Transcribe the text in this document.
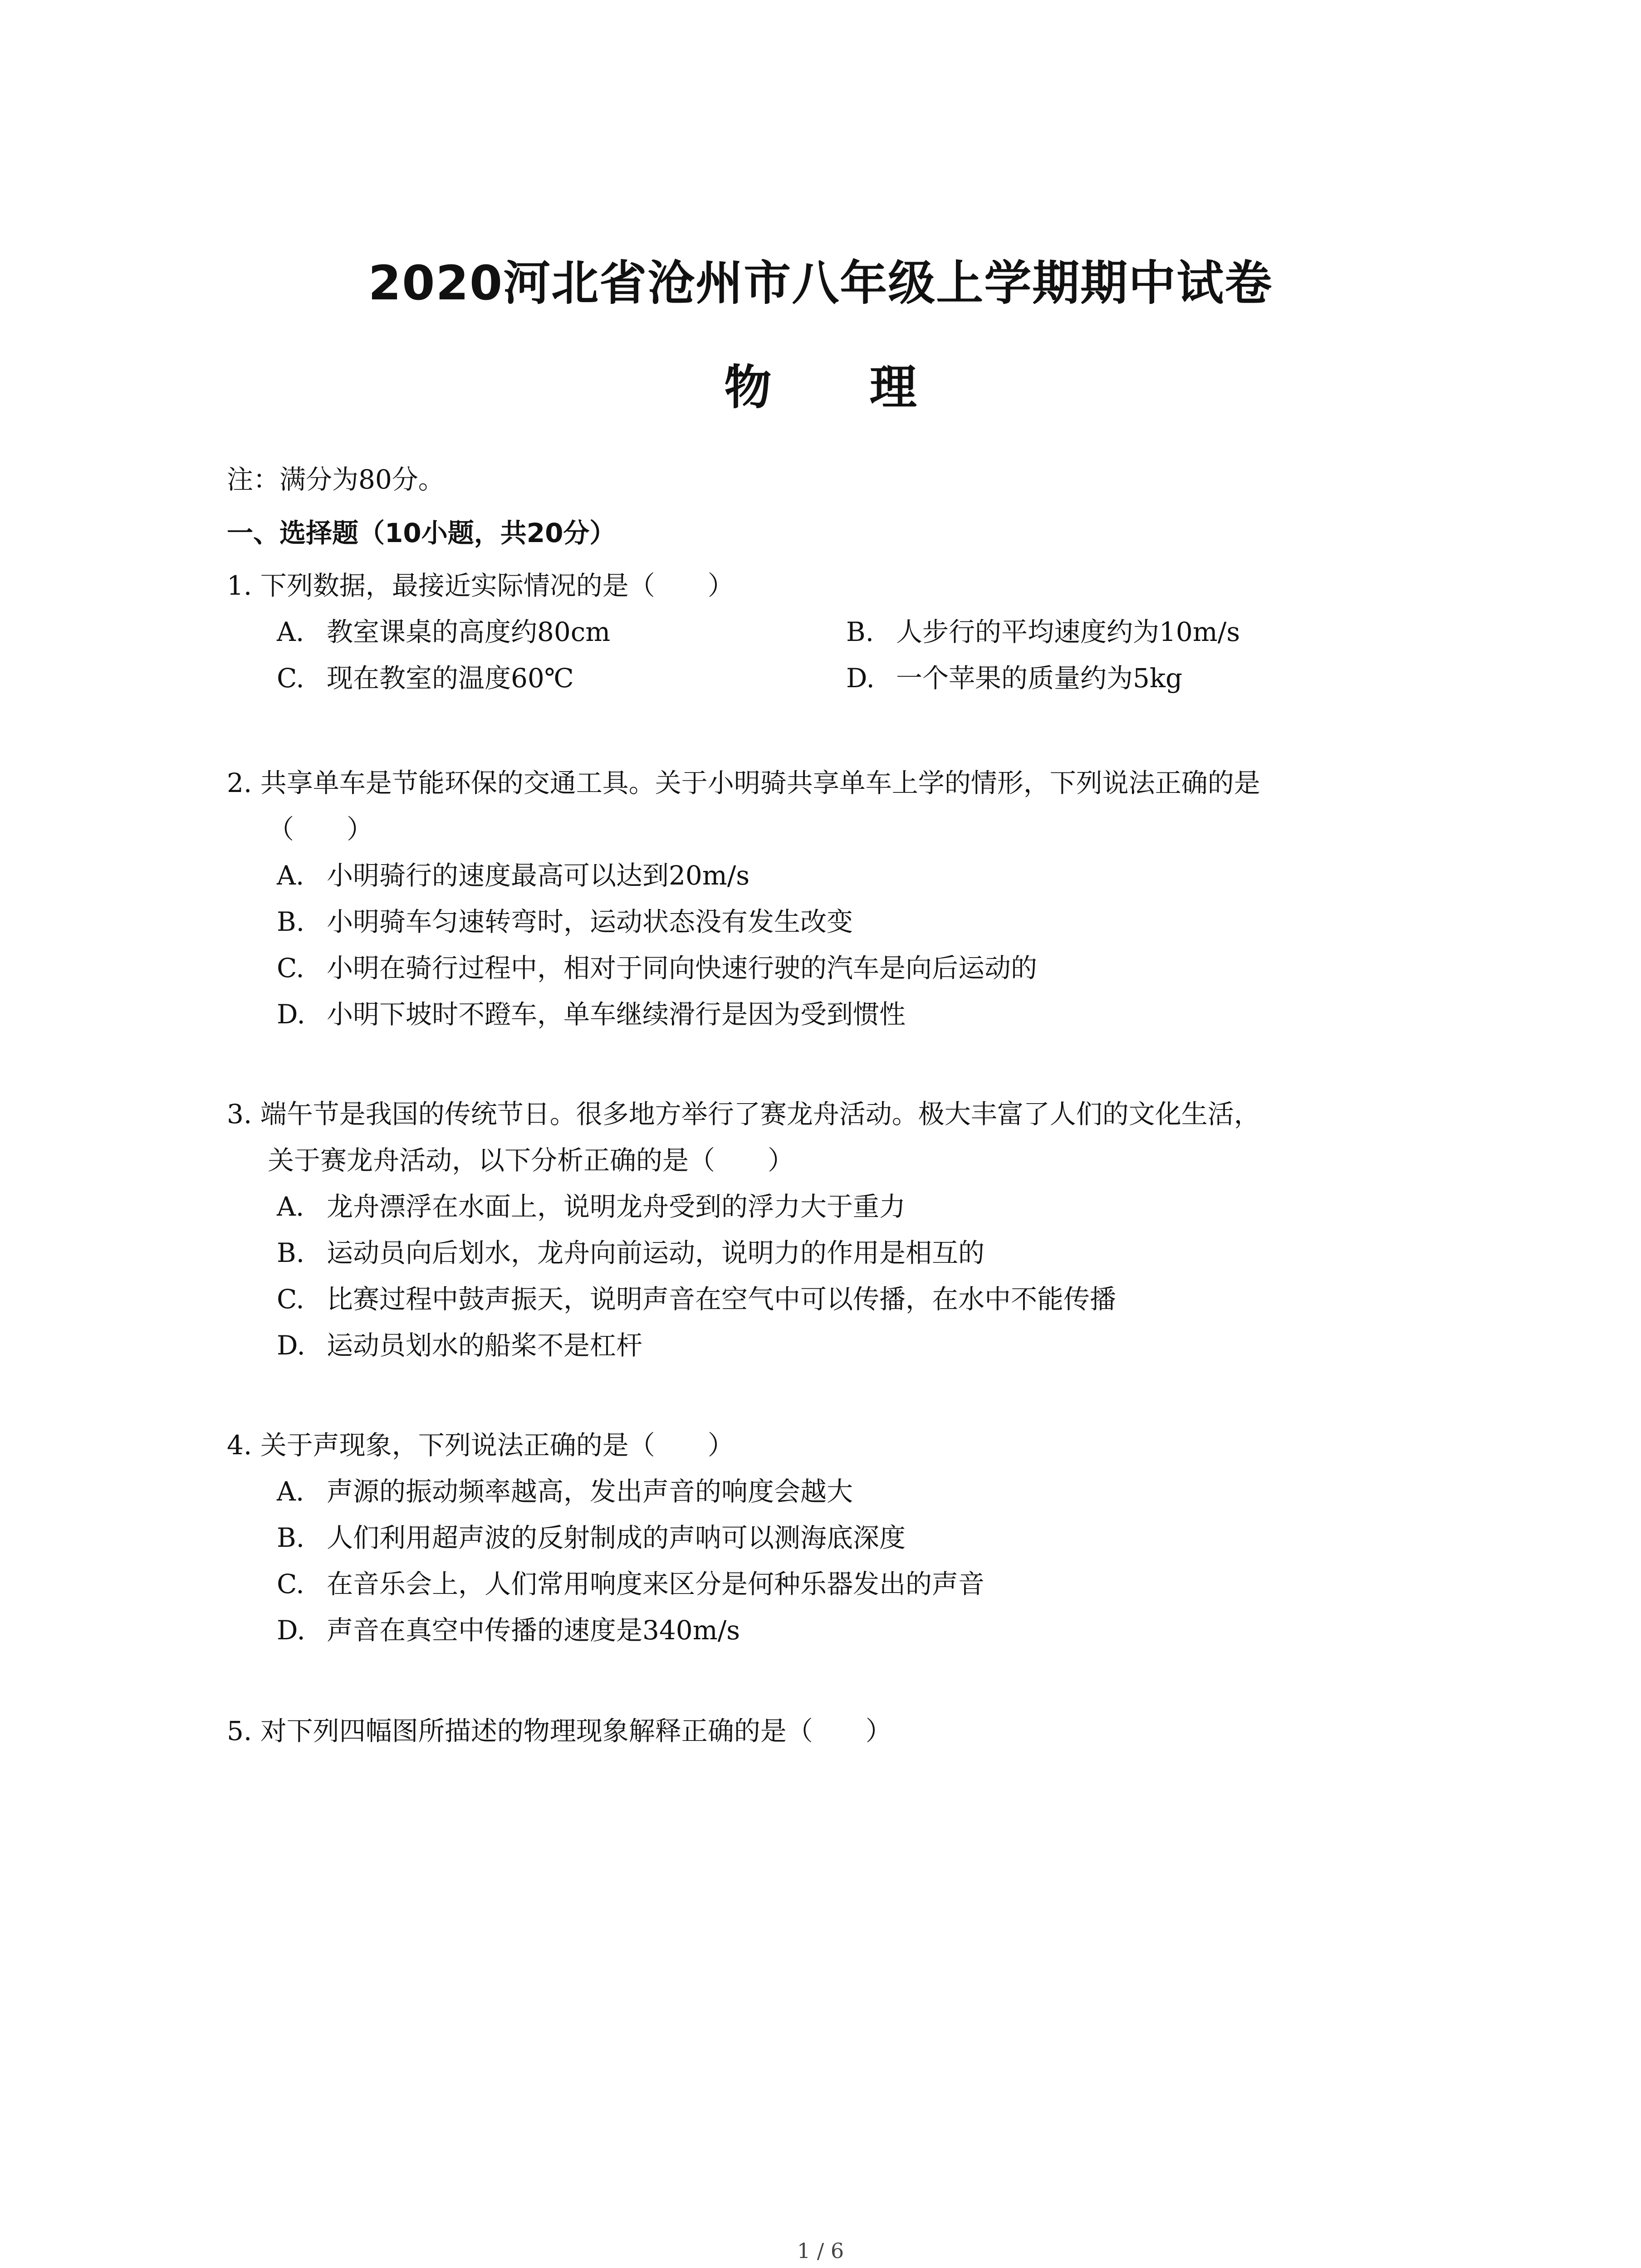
2020河北省沧州市八年级上学期期中试卷
物 理
注：满分为80分。
一、选择题（10小题，共20分）
1. 下列数据，最接近实际情况的是（　　）
A. 教室课桌的高度约80cm	B. 人步行的平均速度约为10m/s
C. 现在教室的温度60℃	D. 一个苹果的质量约为5kg
2. 共享单车是节能环保的交通工具。关于小明骑共享单车上学的情形，下列说法正确的是
（　　）
A. 小明骑行的速度最高可以达到20m/s
B. 小明骑车匀速转弯时，运动状态没有发生改变
C. 小明在骑行过程中，相对于同向快速行驶的汽车是向后运动的
D. 小明下坡时不蹬车，单车继续滑行是因为受到惯性
3. 端午节是我国的传统节日。很多地方举行了赛龙舟活动。极大丰富了人们的文化生活，
关于赛龙舟活动，以下分析正确的是（　　）
A. 龙舟漂浮在水面上，说明龙舟受到的浮力大于重力
B. 运动员向后划水，龙舟向前运动，说明力的作用是相互的
C. 比赛过程中鼓声振天，说明声音在空气中可以传播，在水中不能传播
D. 运动员划水的船桨不是杠杆
4. 关于声现象，下列说法正确的是（　　）
A. 声源的振动频率越高，发出声音的响度会越大
B. 人们利用超声波的反射制成的声呐可以测海底深度
C. 在音乐会上，人们常用响度来区分是何种乐器发出的声音
D. 声音在真空中传播的速度是340m/s
5. 对下列四幅图所描述的物理现象解释正确的是（　　）
1 / 6
